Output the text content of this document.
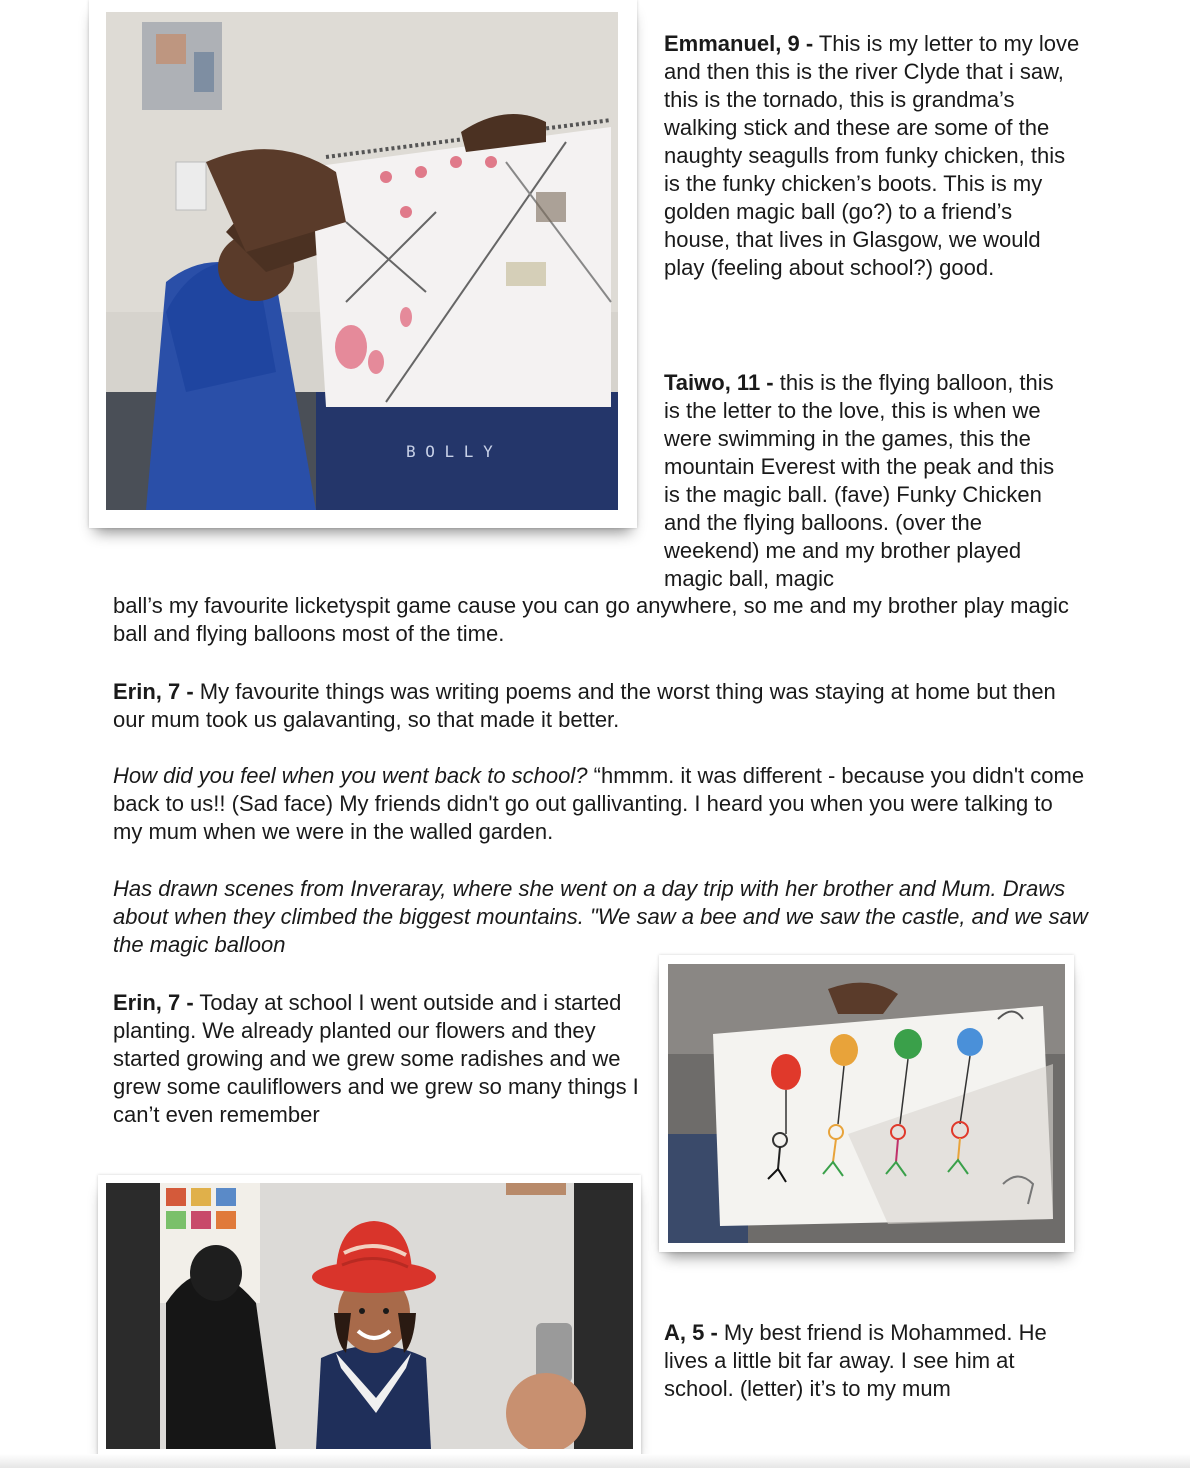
B O L L Y

Emmanuel, 9 - This is my letter to my love and then this is the river Clyde that i saw, this is the tornado, this is grandma’s walking stick and these are some of the naughty seagulls from funky chicken, this is the funky chicken’s boots. This is my golden magic ball (go?) to a friend’s house, that lives in Glasgow, we would play (feeling about school?) good.

Taiwo, 11 - this is the flying balloon, this is the letter to the love, this is when we were swimming in the games, this the mountain Everest with the peak and this is the magic ball. (fave) Funky Chicken and the flying balloons. (over the weekend) me and my brother played magic ball, magic

ball’s my favourite licketyspit game cause you can go anywhere, so me and my brother play magic ball and flying balloons most of the time.

Erin, 7 - My favourite things was writing poems and the worst thing was staying at home but then our mum took us galavanting, so that made it better.

How did you feel when you went back to school? “hmmm. it was different - because you didn't come back to us!! (Sad face) My friends didn't go out gallivanting. I heard you when you were talking to my mum when we were in the walled garden.

Has drawn scenes from Inveraray, where she went on a day trip with her brother and Mum. Draws about when they climbed the biggest mountains. "We saw a bee and we saw the castle, and we saw the magic balloon

Erin, 7 - Today at school I went outside and i started planting. We already planted our flowers and they started growing and we grew some radishes and we grew some cauliflowers and we grew so many things I can’t even remember

A, 5 - My best friend is Mohammed. He lives a little bit far away. I see him at school. (letter) it’s to my mum
